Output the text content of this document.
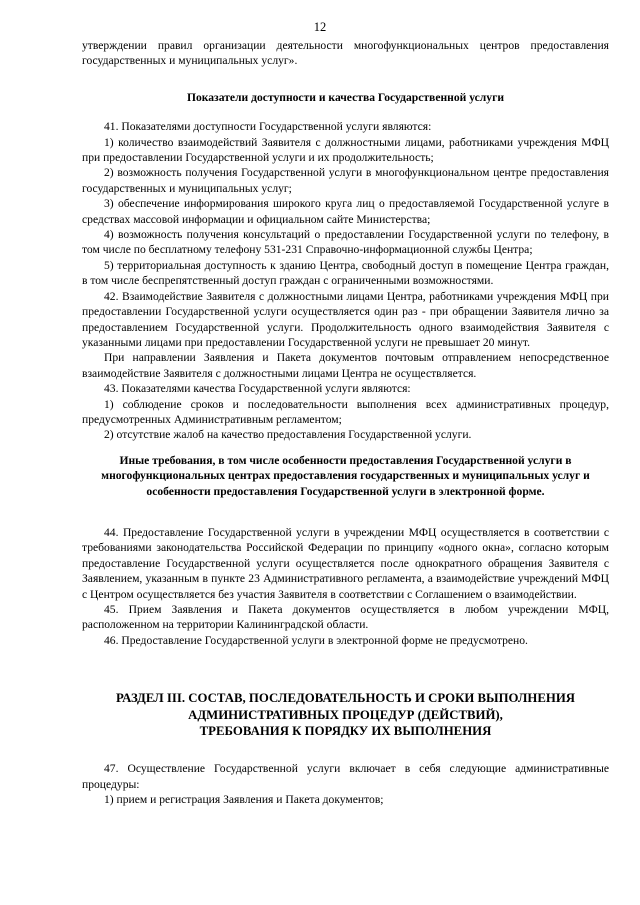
12

утверждении правил организации деятельности многофункциональных центров предоставления государственных и муниципальных услуг».

Показатели доступности и качества Государственной услуги

41. Показателями доступности Государственной услуги являются:

1) количество взаимодействий Заявителя с должностными лицами, работниками учреждения МФЦ при предоставлении Государственной услуги и их продолжительность;

2) возможность получения Государственной услуги в многофункциональном центре предоставления государственных и муниципальных услуг;

3) обеспечение информирования широкого круга лиц о предоставляемой Государственной услуге в средствах массовой информации и официальном сайте Министерства;

4) возможность получения консультаций о предоставлении Государственной услуги по телефону, в том числе по бесплатному телефону 531-231 Справочно-информационной службы Центра;

5) территориальная доступность к зданию Центра, свободный доступ в помещение Центра граждан, в том числе беспрепятственный доступ граждан с ограниченными возможностями.

42. Взаимодействие Заявителя с должностными лицами Центра, работниками учреждения МФЦ при предоставлении Государственной услуги осуществляется один раз - при обращении Заявителя лично за предоставлением Государственной услуги. Продолжительность одного взаимодействия Заявителя с указанными лицами при предоставлении Государственной услуги не превышает 20 минут.

При направлении Заявления и Пакета документов почтовым отправлением непосредственное взаимодействие Заявителя с должностными лицами Центра не осуществляется.

43. Показателями качества Государственной услуги являются:

1) соблюдение сроков и последовательности выполнения всех административных процедур, предусмотренных Административным регламентом;

2) отсутствие жалоб на качество предоставления Государственной услуги.

Иные требования, в том числе особенности предоставления Государственной услуги в многофункциональных центрах предоставления государственных и муниципальных услуг и особенности предоставления Государственной услуги в электронной форме.

44. Предоставление Государственной услуги в учреждении МФЦ осуществляется в соответствии с требованиями законодательства Российской Федерации по принципу «одного окна», согласно которым предоставление Государственной услуги осуществляется после однократного обращения Заявителя с Заявлением, указанным в пункте 23 Административного регламента, а взаимодействие учреждений МФЦ с Центром осуществляется без участия Заявителя в соответствии с Соглашением о взаимодействии.

45. Прием Заявления и Пакета документов осуществляется в любом учреждении МФЦ, расположенном на территории Калининградской области.

46. Предоставление Государственной услуги в электронной форме не предусмотрено.

РАЗДЕЛ III. СОСТАВ, ПОСЛЕДОВАТЕЛЬНОСТЬ И СРОКИ ВЫПОЛНЕНИЯ

АДМИНИСТРАТИВНЫХ ПРОЦЕДУР (ДЕЙСТВИЙ),

ТРЕБОВАНИЯ К ПОРЯДКУ ИХ ВЫПОЛНЕНИЯ

47. Осуществление Государственной услуги включает в себя следующие административные процедуры:

1) прием и регистрация Заявления и Пакета документов;
